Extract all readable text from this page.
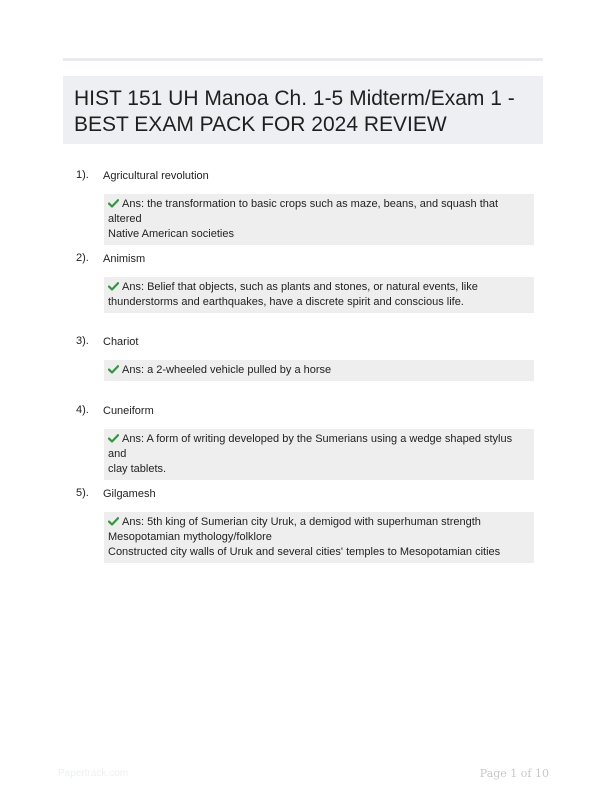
HIST 151 UH Manoa Ch. 1-5 Midterm/Exam 1 -
BEST EXAM PACK FOR 2024 REVIEW
1). Agricultural revolution
Ans: the transformation to basic crops such as maze, beans, and squash that altered
Native American societies
2). Animism
Ans: Belief that objects, such as plants and stones, or natural events, like
thunderstorms and earthquakes, have a discrete spirit and conscious life.
3). Chariot
Ans: a 2-wheeled vehicle pulled by a horse
4). Cuneiform
Ans: A form of writing developed by the Sumerians using a wedge shaped stylus and
clay tablets.
5). Gilgamesh
Ans: 5th king of Sumerian city Uruk, a demigod with superhuman strength
Mesopotamian mythology/folklore
Constructed city walls of Uruk and several cities' temples to Mesopotamian cities
Papertrack.com	Page 1 of 10
